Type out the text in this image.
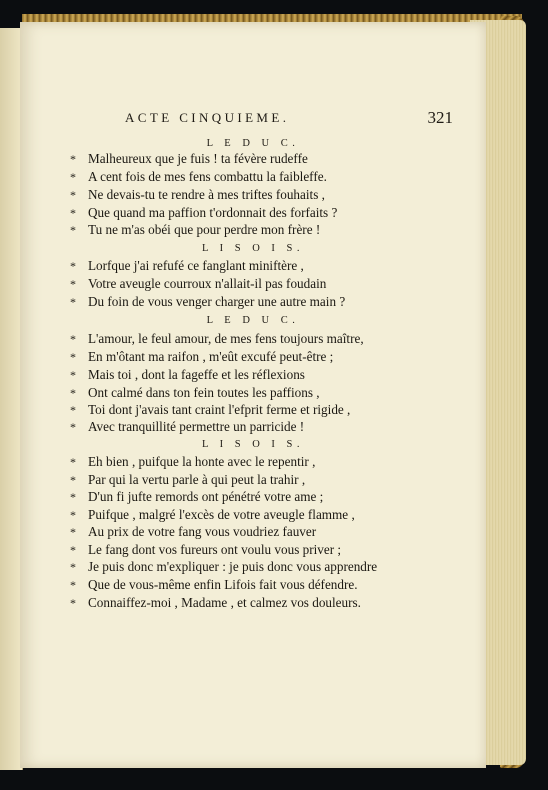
ACTE CINQUIEME.	321
L E D U C.
* Malheureux que je fuis ! ta févère rudeffe
* A cent fois de mes fens combattu la faibleffe.
* Ne devais-tu te rendre à mes triftes fouhaits ,
* Que quand ma paffion t'ordonnait des forfaits ?
* Tu ne m'as obéi que pour perdre mon frère !
L I S O I S.
* Lorfque j'ai refufé ce fanglant miniftère ,
* Votre aveugle courroux n'allait-il pas foudain
* Du foin de vous venger charger une autre main ?
L E D U C.
* L'amour, le feul amour, de mes fens toujours maître,
* En m'ôtant ma raifon , m'eût excufé peut-être ;
* Mais toi , dont la fageffe et les réflexions
* Ont calmé dans ton fein toutes les paffions ,
* Toi dont j'avais tant craint l'efprit ferme et rigide ,
* Avec tranquillité permettre un parricide !
L I S O I S.
* Eh bien , puifque la honte avec le repentir ,
* Par qui la vertu parle à qui peut la trahir ,
* D'un fi jufte remords ont pénétré votre ame ;
* Puifque , malgré l'excès de votre aveugle flamme ,
* Au prix de votre fang vous voudriez fauver
* Le fang dont vos fureurs ont voulu vous priver ;
* Je puis donc m'expliquer : je puis donc vous apprendre
* Que de vous-même enfin Lifois fait vous défendre.
* Connaiffez-moi , Madame , et calmez vos douleurs.
